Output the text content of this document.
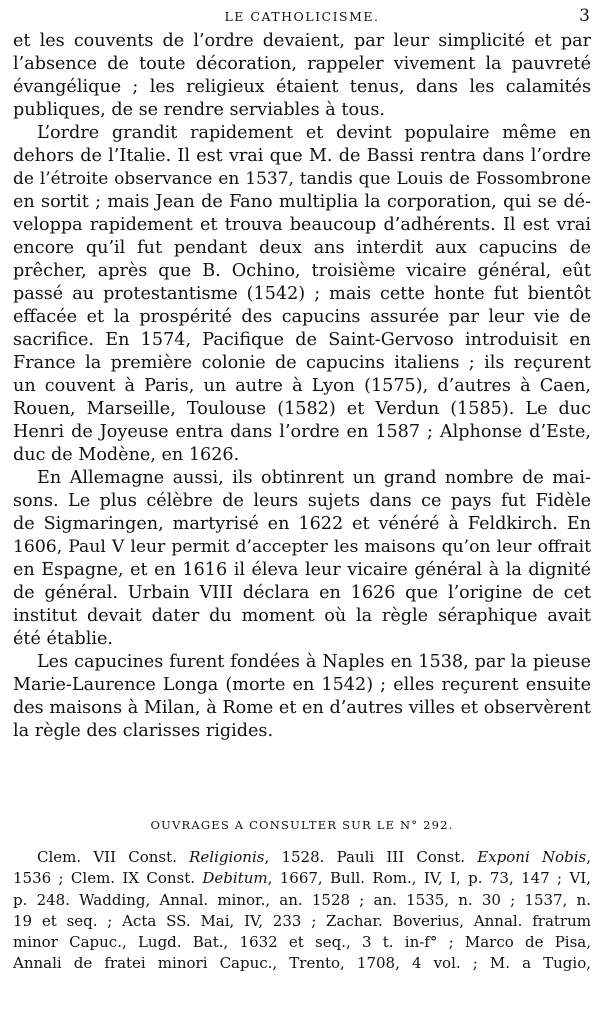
LE CATHOLICISME.	3
et les couvents de l’ordre devaient, par leur simplicité et par
l’absence de toute décoration, rappeler vivement la pauvreté
évangélique ; les religieux étaient tenus, dans les calamités
publiques, de se rendre serviables à tous.
L’ordre grandit rapidement et devint populaire même en
dehors de l’Italie. Il est vrai que M. de Bassi rentra dans l’ordre
de l’étroite observance en 1537, tandis que Louis de Fossombrone
en sortit ; mais Jean de Fano multiplia la corporation, qui se dé-
veloppa rapidement et trouva beaucoup d’adhérents. Il est vrai
encore qu’il fut pendant deux ans interdit aux capucins de
prêcher, après que B. Ochino, troisième vicaire général, eût
passé au protestantisme (1542) ; mais cette honte fut bientôt
effacée et la prospérité des capucins assurée par leur vie de
sacrifice. En 1574, Pacifique de Saint-Gervoso introduisit en
France la première colonie de capucins italiens ; ils reçurent
un couvent à Paris, un autre à Lyon (1575), d’autres à Caen,
Rouen, Marseille, Toulouse (1582) et Verdun (1585). Le duc
Henri de Joyeuse entra dans l’ordre en 1587 ; Alphonse d’Este,
duc de Modène, en 1626.
En Allemagne aussi, ils obtinrent un grand nombre de mai-
sons. Le plus célèbre de leurs sujets dans ce pays fut Fidèle
de Sigmaringen, martyrisé en 1622 et vénéré à Feldkirch. En
1606, Paul V leur permit d’accepter les maisons qu’on leur offrait
en Espagne, et en 1616 il éleva leur vicaire général à la dignité
de général. Urbain VIII déclara en 1626 que l’origine de cet
institut devait dater du moment où la règle séraphique avait
été établie.
Les capucines furent fondées à Naples en 1538, par la pieuse
Marie-Laurence Longa (morte en 1542) ; elles reçurent ensuite
des maisons à Milan, à Rome et en d’autres villes et observèrent
la règle des clarisses rigides.
OUVRAGES A CONSULTER SUR LE N° 292.
Clem. VII Const. Religionis, 1528. Pauli III Const. Exponi Nobis,
1536 ; Clem. IX Const. Debitum, 1667, Bull. Rom., IV, I, p. 73, 147 ; VI,
p. 248. Wadding, Annal. minor., an. 1528 ; an. 1535, n. 30 ; 1537, n.
19 et seq. ; Acta SS. Mai, IV, 233 ; Zachar. Boverius, Annal. fratrum
minor Capuc., Lugd. Bat., 1632 et seq., 3 t. in-f° ; Marco de Pisa,
Annali de fratei minori Capuc., Trento, 1708, 4 vol. ; M. a Tugio,
